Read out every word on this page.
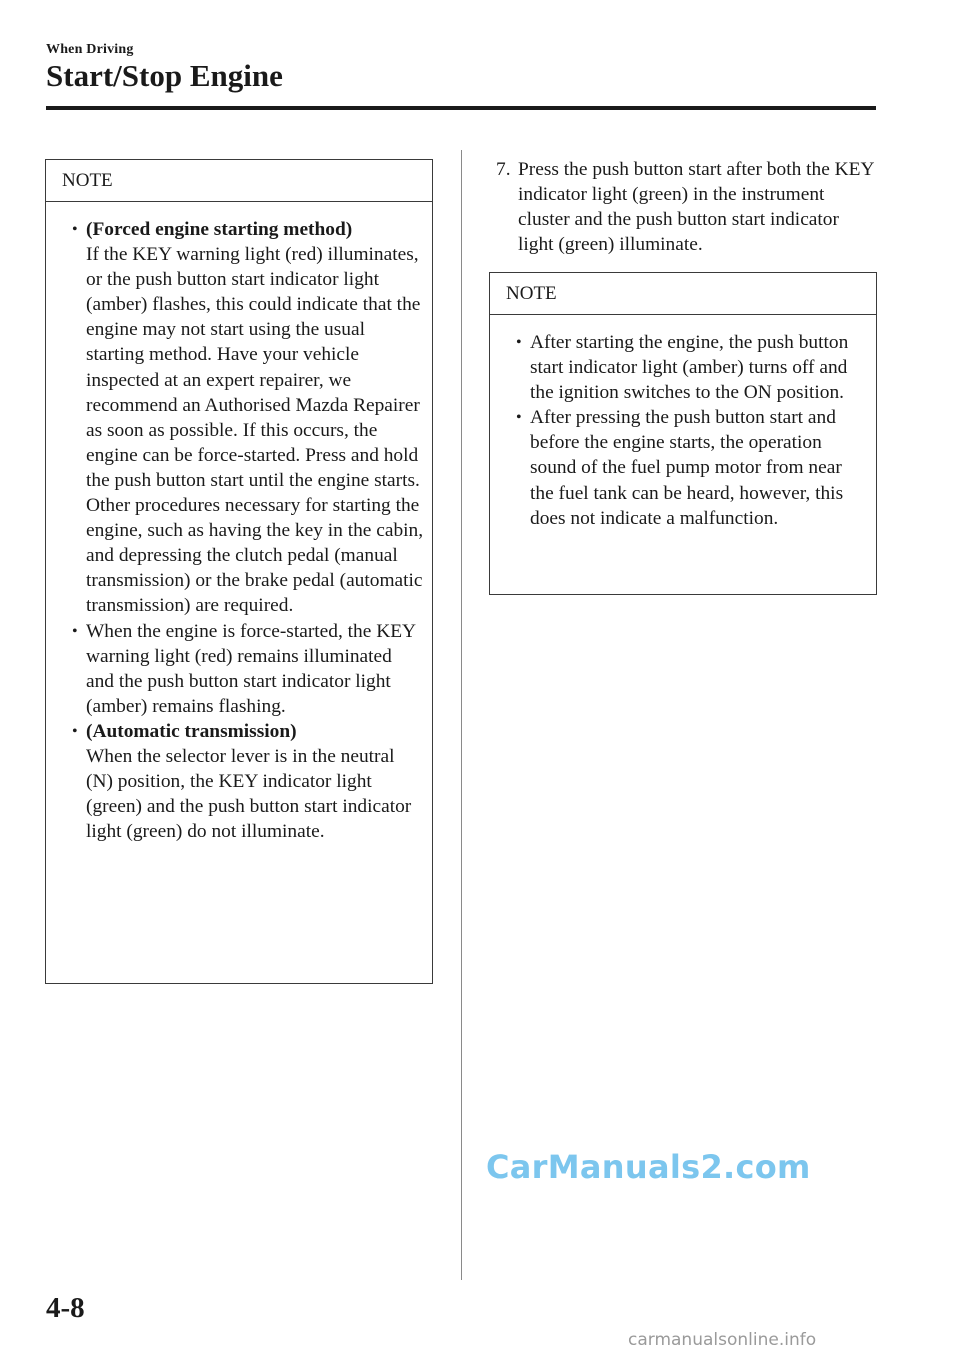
When Driving
Start/Stop Engine
NOTE
• (Forced engine starting method)
If the KEY warning light (red) illuminates, or the push button start indicator light (amber) flashes, this could indicate that the engine may not start using the usual starting method. Have your vehicle inspected at an expert repairer, we recommend an Authorised Mazda Repairer as soon as possible. If this occurs, the engine can be force-started. Press and hold the push button start until the engine starts. Other procedures necessary for starting the engine, such as having the key in the cabin, and depressing the clutch pedal (manual transmission) or the brake pedal (automatic transmission) are required.
• When the engine is force-started, the KEY warning light (red) remains illuminated and the push button start indicator light (amber) remains flashing.
• (Automatic transmission)
When the selector lever is in the neutral (N) position, the KEY indicator light (green) and the push button start indicator light (green) do not illuminate.
7. Press the push button start after both the KEY indicator light (green) in the instrument cluster and the push button start indicator light (green) illuminate.
NOTE
• After starting the engine, the push button start indicator light (amber) turns off and the ignition switches to the ON position.
• After pressing the push button start and before the engine starts, the operation sound of the fuel pump motor from near the fuel tank can be heard, however, this does not indicate a malfunction.
CarManuals2.com
4-8
carmanualsonline.info
